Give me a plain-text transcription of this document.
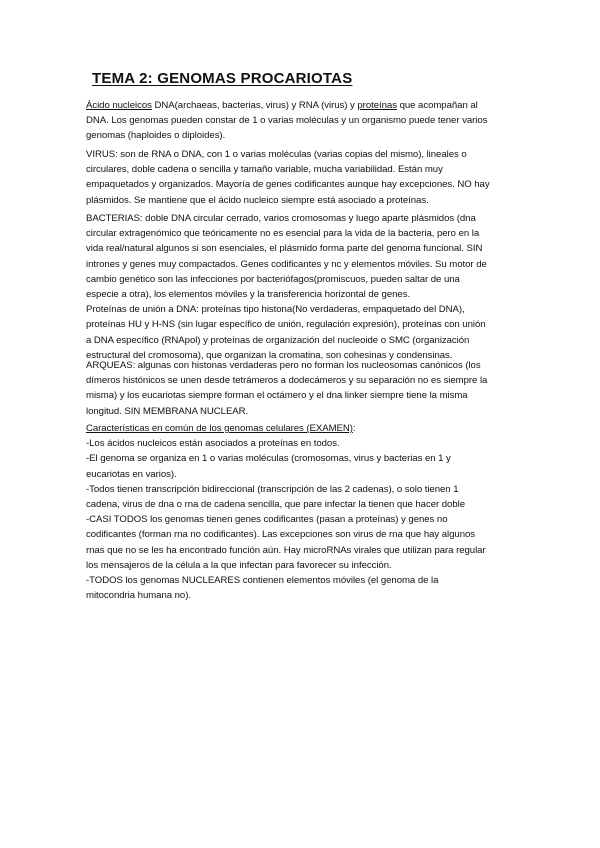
TEMA 2: GENOMAS PROCARIOTAS
Ácido nucleicos DNA(archaeas, bacterias, virus) y RNA (virus) y proteínas que acompañan al
DNA. Los genomas pueden constar de 1 o varias moléculas y un organismo puede tener varios
genomas (haploides o diploides).
VIRUS: son de RNA o DNA, con 1 o varias moléculas (varias copias del mismo), lineales o
circulares, doble cadena o sencilla y tamaño variable, mucha variabilidad. Están muy
empaquetados y organizados. Mayoría de genes codificantes aunque hay excepciones. NO hay
plásmidos. Se mantiene que el ácido nucleico siempre está asociado a proteínas.
BACTERIAS: doble DNA circular cerrado, varios cromosomas y luego aparte plásmidos (dna
circular extragenómico que teóricamente no es esencial para la vida de la bacteria, pero en la
vida real/natural algunos si son esenciales, el plásmido forma parte del genoma funcional. SIN
intrones y genes muy compactados. Genes codificantes y nc y elementos móviles. Su motor de
cambio genético son las infecciones por bacteriófagos(promiscuos, pueden saltar de una
especie a otra), los elementos móviles y la transferencia horizontal de genes.
Proteínas de unión a DNA: proteínas tipo histona(No verdaderas, empaquetado del DNA),
proteínas HU y H-NS (sin lugar específico de unión, regulación expresión), proteínas con unión
a DNA específico (RNApol) y proteínas de organización del nucleoide o SMC (organización
estructural del cromosoma), que organizan la cromatina, son cohesinas y condensinas.
ARQUEAS: algunas con histonas verdaderas pero no forman los nucleosomas canónicos (los
dímeros histónicos se unen desde tetrámeros a dodecámeros y su separación no es siempre la
misma) y los eucariotas siempre forman el octámero y el dna linker siempre tiene la misma
longitud. SIN MEMBRANA NUCLEAR.
Características en común de los genomas celulares (EXAMEN):
-Los ácidos nucleicos están asociados a proteínas en todos.
-El genoma se organiza en 1 o varias moléculas (cromosomas, virus y bacterias en 1 y
eucariotas en varios).
-Todos tienen transcripción bidireccional (transcripción de las 2 cadenas), o solo tienen 1
cadena, virus de dna o rna de cadena sencilla, que pare infectar la tienen que hacer doble
-CASI TODOS los genomas tienen genes codificantes (pasan a proteínas) y genes no
codificantes (forman rna no codificantes). Las excepciones son virus de rna que hay algunos
rnas que no se les ha encontrado función aún. Hay microRNAs virales que utilizan para regular
los mensajeros de la célula a la que infectan para favorecer su infección.
-TODOS los genomas NUCLEARES contienen elementos móviles (el genoma de la
mitocondria humana no).
